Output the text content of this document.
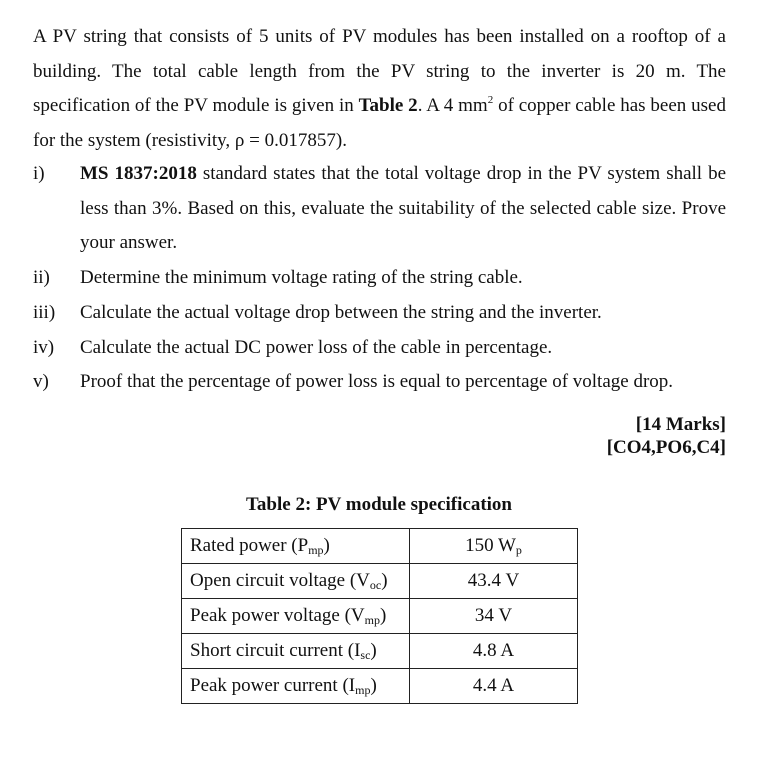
A PV string that consists of 5 units of PV modules has been installed on a rooftop of a building. The total cable length from the PV string to the inverter is 20 m. The specification of the PV module is given in Table 2. A 4 $mm^2$ of copper cable has been used for the system (resistivity, ρ = 0.017857).
i)	MS 1837:2018 standard states that the total voltage drop in the PV system shall be less than 3%. Based on this, evaluate the suitability of the selected cable size. Prove your answer.
ii)	Determine the minimum voltage rating of the string cable.
iii)	Calculate the actual voltage drop between the string and the inverter.
iv)	Calculate the actual DC power loss of the cable in percentage.
v)	Proof that the percentage of power loss is equal to percentage of voltage drop.
[14 Marks]
[CO4,PO6,C4]
Table 2: PV module specification
Rated power $(P_{mp})$	150 $W_p$
Open circuit voltage $(V_{oc})$	43.4 V
Peak power voltage $(V_{mp})$	34 V
Short circuit current $(I_{sc})$	4.8 A
Peak power current $(I_{mp})$	4.4 A
